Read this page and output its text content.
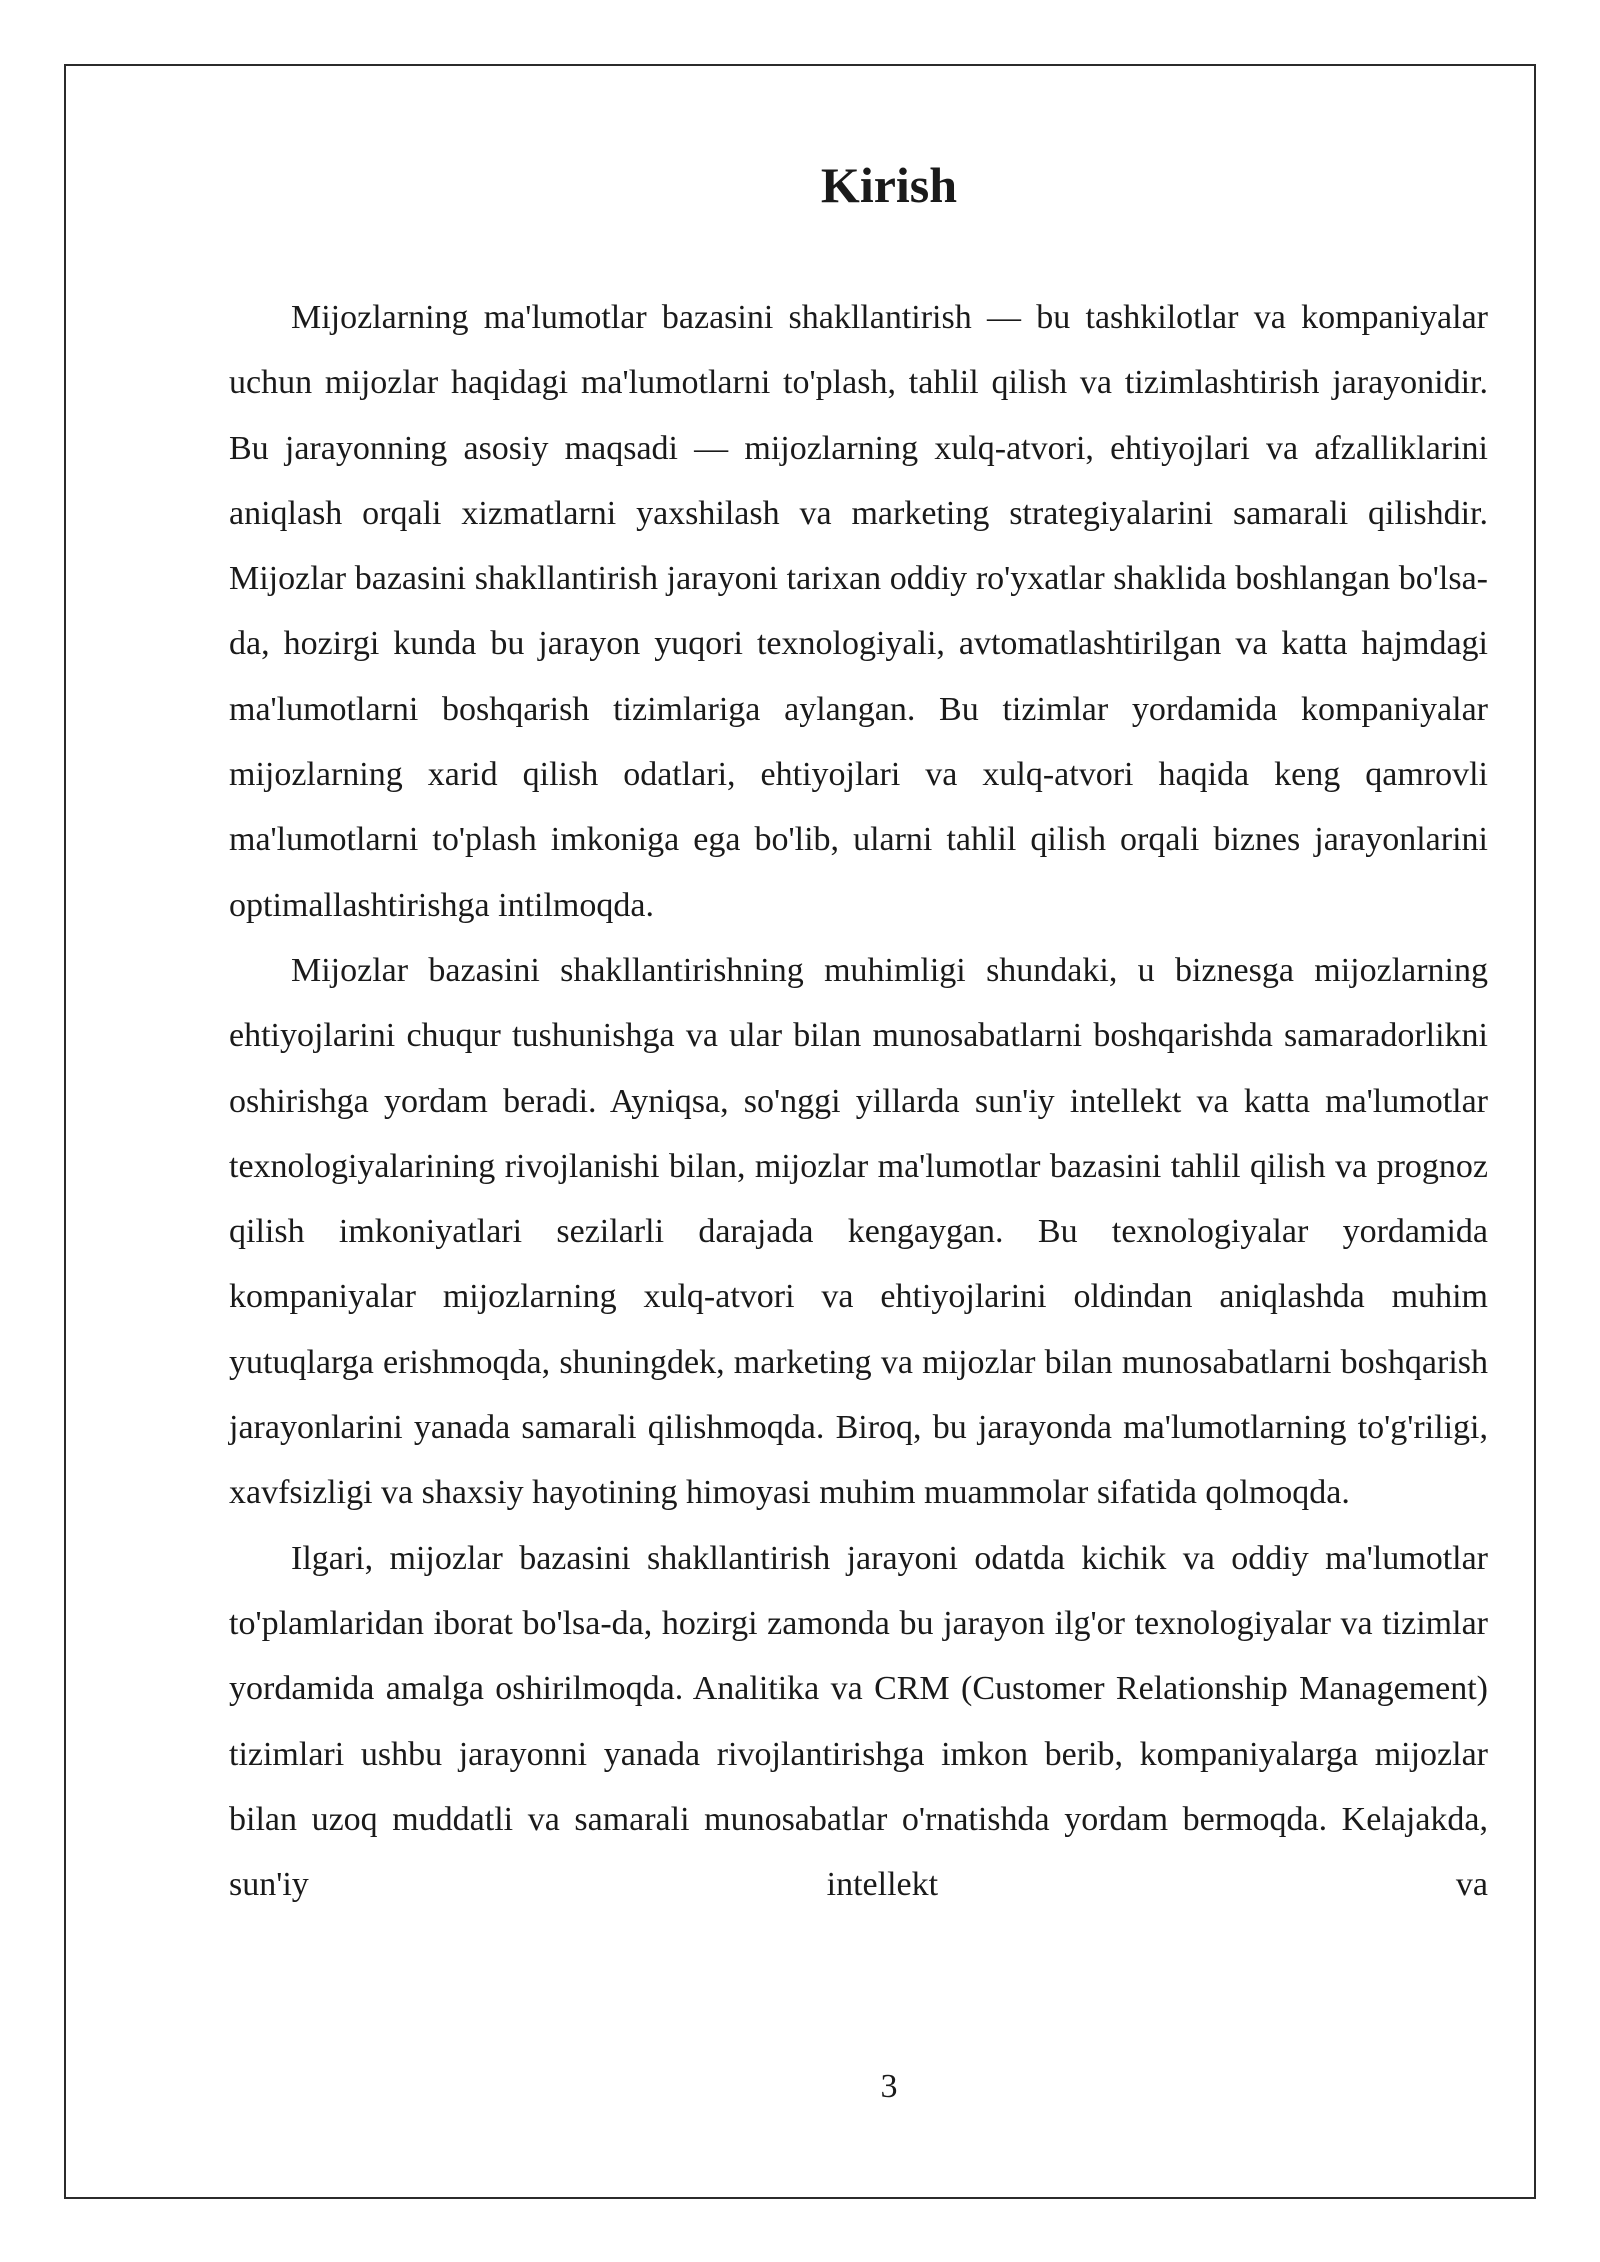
Kirish

Mijozlarning ma'lumotlar bazasini shakllantirish — bu tashkilotlar va kompaniyalar uchun mijozlar haqidagi ma'lumotlarni to'plash, tahlil qilish va tizimlashtirish jarayonidir. Bu jarayonning asosiy maqsadi — mijozlarning xulq-atvori, ehtiyojlari va afzalliklarini aniqlash orqali xizmatlarni yaxshilash va marketing strategiyalarini samarali qilishdir. Mijozlar bazasini shakllantirish jarayoni tarixan oddiy ro'yxatlar shaklida boshlangan bo'lsa-da, hozirgi kunda bu jarayon yuqori texnologiyali, avtomatlashtirilgan va katta hajmdagi ma'lumotlarni boshqarish tizimlariga aylangan. Bu tizimlar yordamida kompaniyalar mijozlarning xarid qilish odatlari, ehtiyojlari va xulq-atvori haqida keng qamrovli ma'lumotlarni to'plash imkoniga ega bo'lib, ularni tahlil qilish orqali biznes jarayonlarini optimallashtirishga intilmoqda.

Mijozlar bazasini shakllantirishning muhimligi shundaki, u biznesga mijozlarning ehtiyojlarini chuqur tushunishga va ular bilan munosabatlarni boshqarishda samaradorlikni oshirishga yordam beradi. Ayniqsa, so'nggi yillarda sun'iy intellekt va katta ma'lumotlar texnologiyalarining rivojlanishi bilan, mijozlar ma'lumotlar bazasini tahlil qilish va prognoz qilish imkoniyatlari sezilarli darajada kengaygan. Bu texnologiyalar yordamida kompaniyalar mijozlarning xulq-atvori va ehtiyojlarini oldindan aniqlashda muhim yutuqlarga erishmoqda, shuningdek, marketing va mijozlar bilan munosabatlarni boshqarish jarayonlarini yanada samarali qilishmoqda. Biroq, bu jarayonda ma'lumotlarning to'g'riligi, xavfsizligi va shaxsiy hayotining himoyasi muhim muammolar sifatida qolmoqda.

Ilgari, mijozlar bazasini shakllantirish jarayoni odatda kichik va oddiy ma'lumotlar to'plamlaridan iborat bo'lsa-da, hozirgi zamonda bu jarayon ilg'or texnologiyalar va tizimlar yordamida amalga oshirilmoqda. Analitika va CRM (Customer Relationship Management) tizimlari ushbu jarayonni yanada rivojlantirishga imkon berib, kompaniyalarga mijozlar bilan uzoq muddatli va samarali munosabatlar o'rnatishda yordam bermoqda. Kelajakda, sun'iy intellekt va

3
